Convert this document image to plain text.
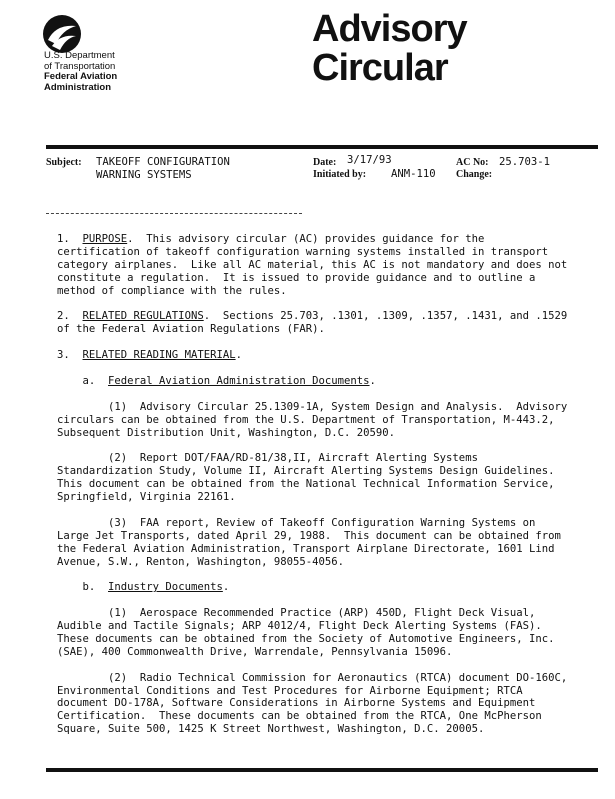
U.S. Department
of Transportation
Federal Aviation
Administration
Advisory
Circular
Subject: TAKEOFF CONFIGURATION
WARNING SYSTEMS
Date: 3/17/93
Initiated by: ANM-110
AC No: 25.703-1
Change:

1.  PURPOSE.  This advisory circular (AC) provides guidance for the

certification of takeoff configuration warning systems installed in transport

category airplanes.  Like all AC material, this AC is not mandatory and does not

constitute a regulation.  It is issued to provide guidance and to outline a

method of compliance with the rules.

2.  RELATED REGULATIONS.  Sections 25.703, .1301, .1309, .1357, .1431, and .1529

of the Federal Aviation Regulations (FAR).

3.  RELATED READING MATERIAL.

a.  Federal Aviation Administration Documents.

(1)  Advisory Circular 25.1309-1A, System Design and Analysis.  Advisory

circulars can be obtained from the U.S. Department of Transportation, M-443.2,

Subsequent Distribution Unit, Washington, D.C. 20590.

(2)  Report DOT/FAA/RD-81/38,II, Aircraft Alerting Systems

Standardization Study, Volume II, Aircraft Alerting Systems Design Guidelines.

This document can be obtained from the National Technical Information Service,

Springfield, Virginia 22161.

(3)  FAA report, Review of Takeoff Configuration Warning Systems on

Large Jet Transports, dated April 29, 1988.  This document can be obtained from

the Federal Aviation Administration, Transport Airplane Directorate, 1601 Lind

Avenue, S.W., Renton, Washington, 98055-4056.

b.  Industry Documents.

(1)  Aerospace Recommended Practice (ARP) 450D, Flight Deck Visual,

Audible and Tactile Signals; ARP 4012/4, Flight Deck Alerting Systems (FAS).

These documents can be obtained from the Society of Automotive Engineers, Inc.

(SAE), 400 Commonwealth Drive, Warrendale, Pennsylvania 15096.

(2)  Radio Technical Commission for Aeronautics (RTCA) document DO-160C,

Environmental Conditions and Test Procedures for Airborne Equipment; RTCA

document DO-178A, Software Considerations in Airborne Systems and Equipment

Certification.  These documents can be obtained from the RTCA, One McPherson

Square, Suite 500, 1425 K Street Northwest, Washington, D.C. 20005.
